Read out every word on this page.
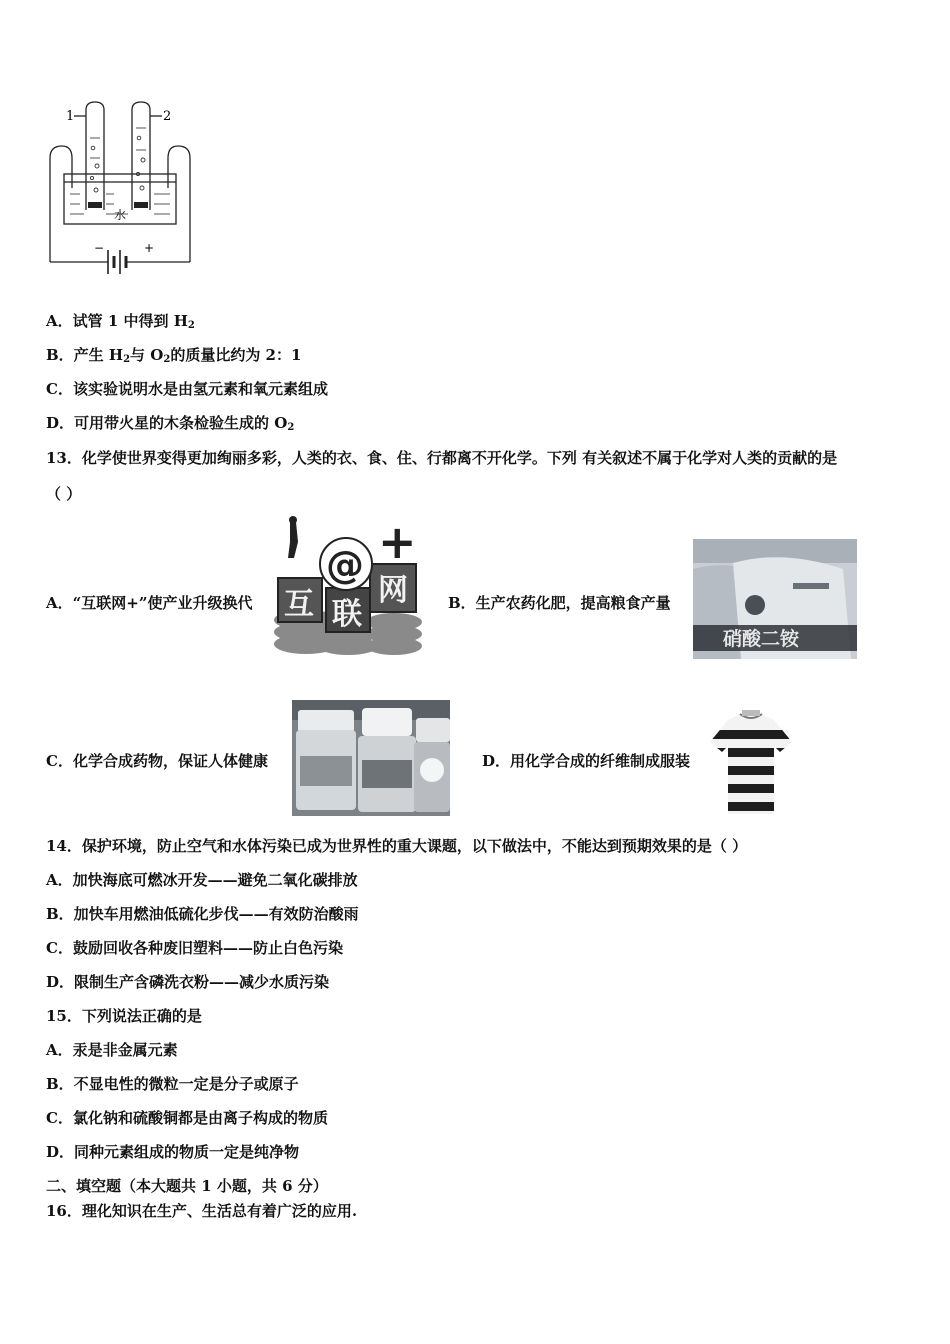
1	2
水
−	+
A．试管 1 中得到 $H_2$
B．产生 $H_2$与 $O_2$的质量比约为 2：1
C．该实验说明水是由氢元素和氧元素组成
D．可用带火星的木条检验生成的 $O_2$
13．化学使世界变得更加绚丽多彩，人类的衣、食、住、行都离不开化学。下列 有关叙述不属于化学对人类的贡献的是
（ ）
A．“互联网+”使产业升级换代 互
@
联
网
+
B．生产农药化肥，提高粮食产量
硝酸二铵
C．化学合成药物，保证人体健康	D．用化学合成的纤维制成服装
14．保护环境，防止空气和水体污染已成为世界性的重大课题，以下做法中，不能达到预期效果的是（ ）
A．加快海底可燃冰开发——避免二氧化碳排放
B．加快车用燃油低硫化步伐——有效防治酸雨
C．鼓励回收各种废旧塑料——防止白色污染
D．限制生产含磷洗衣粉——减少水质污染
15．下列说法正确的是
A．汞是非金属元素
B．不显电性的微粒一定是分子或原子
C．氯化钠和硫酸铜都是由离子构成的物质
D．同种元素组成的物质一定是纯净物
二、填空题（本大题共 1 小题，共 6 分）
16．理化知识在生产、生活总有着广泛的应用.
